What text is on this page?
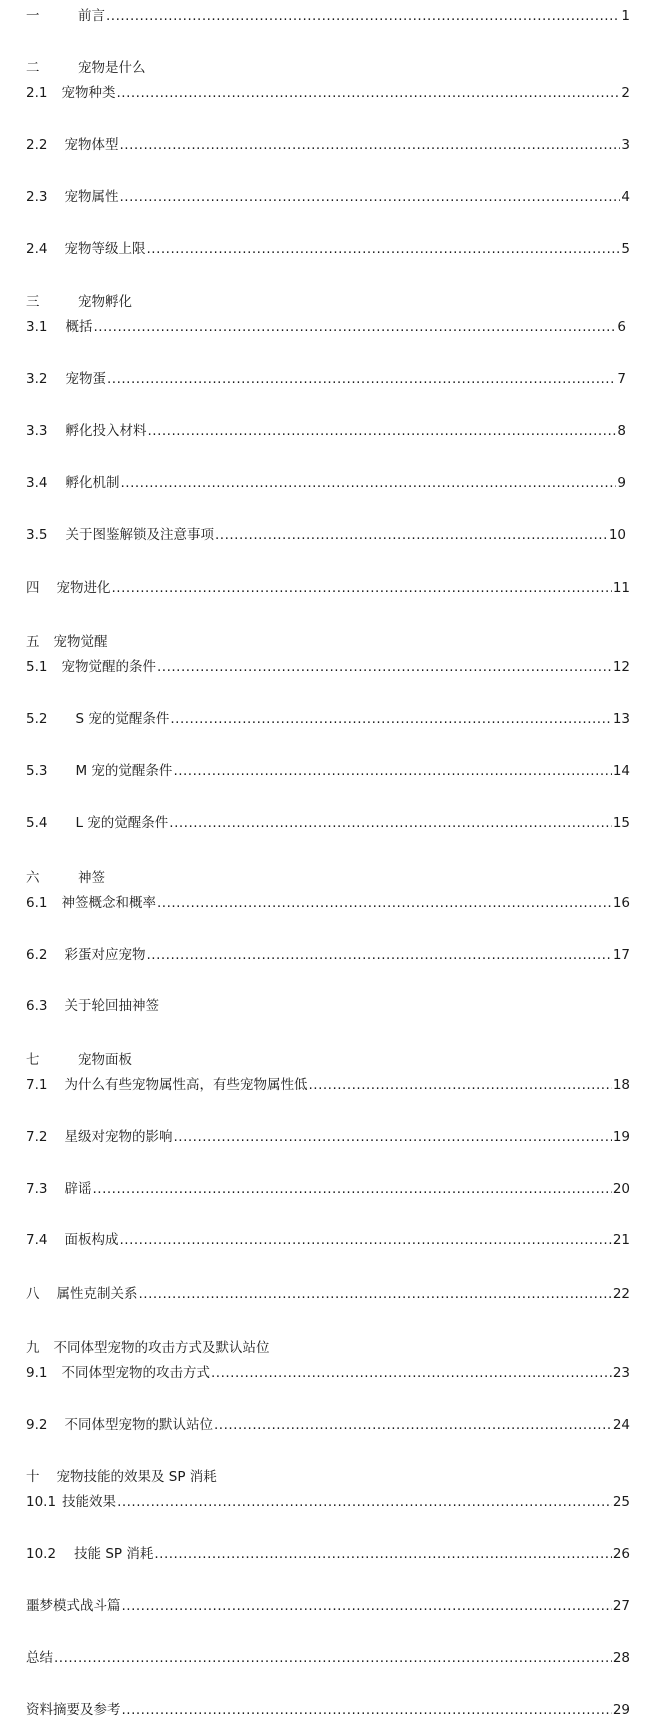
一	前言 .....	1
二	宠物是什么
2.1 宠物种类 .....	2
2.2 宠物体型 .....	3
2.3 宠物属性 .....	4
2.4 宠物等级上限 .....	5
三	宠物孵化
3.1 概括 .....	6
3.2 宠物蛋 .....	7
3.3 孵化投入材料 .....	8
3.4 孵化机制 .....	9
3.5 关于图鉴解锁及注意事项 .....	10
四 宠物进化 .....	11
五 宠物觉醒
5.1 宠物觉醒的条件 .....	12
5.2 S 宠的觉醒条件 .....	13
5.3 M 宠的觉醒条件 .....	14
5.4 L 宠的觉醒条件 .....	15
六	神签
6.1 神签概念和概率 .....	16
6.2 彩蛋对应宠物 .....	17
6.3 关于轮回抽神签
七	宠物面板
7.1 为什么有些宠物属性高，有些宠物属性低 .....	18
7.2 星级对宠物的影响 .....	19
7.3 辟谣 .....	20
7.4 面板构成 .....	21
八 属性克制关系 .....	22
九 不同体型宠物的攻击方式及默认站位
9.1 不同体型宠物的攻击方式 .....	23
9.2 不同体型宠物的默认站位 .....	24
十 宠物技能的效果及 SP 消耗
10.1 技能效果 .....	25
10.2 技能 SP 消耗 .....	26
噩梦模式战斗篇 .....	27
总结 .....	28
资料摘要及参考 .....	29
